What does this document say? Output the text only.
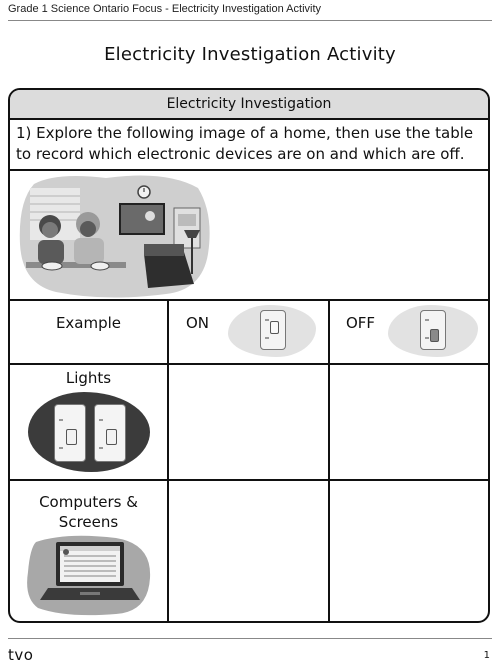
Grade 1 Science Ontario Focus - Electricity Investigation Activity
Electricity Investigation Activity
Electricity Investigation
1) Explore the following image of a home, then use the table to record which electronic devices are on and which are off.
Example	ON	OFF
Lights
Computers &
Screens
tvo	1
